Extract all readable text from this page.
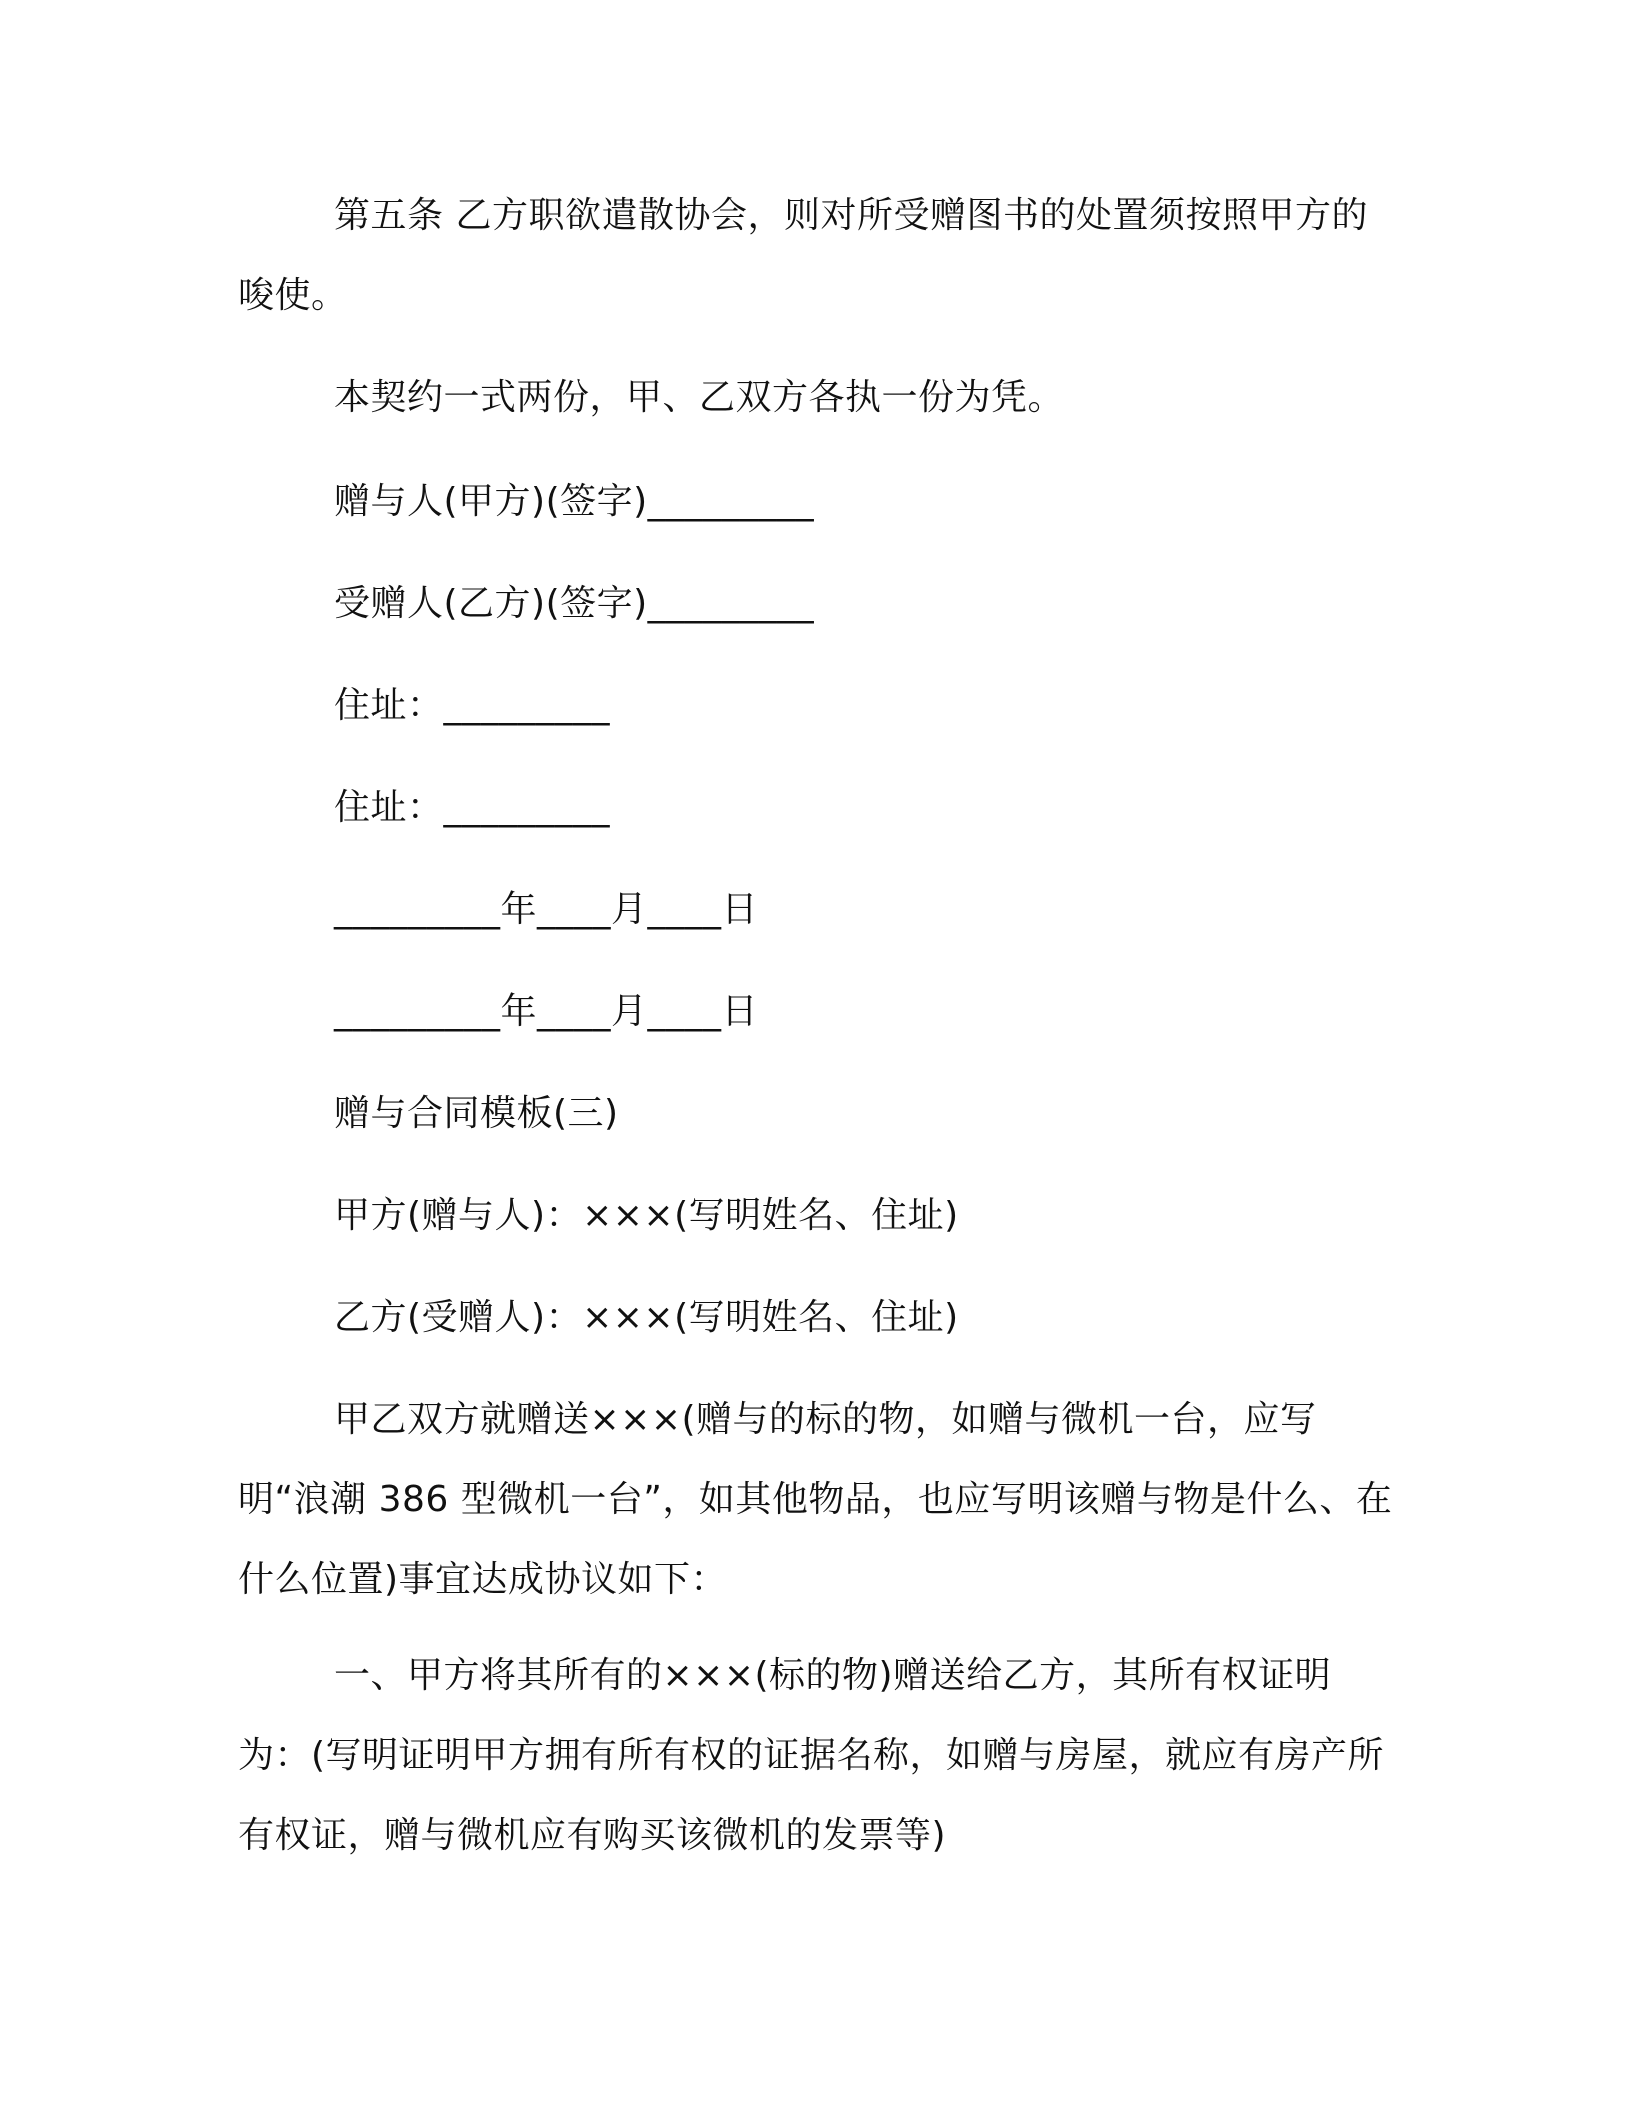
第五条 乙方职欲遣散协会，则对所受赠图书的处置须按照甲方的唆使。

本契约一式两份，甲、乙双方各执一份为凭。

赠与人(甲方)(签字)_________

受赠人(乙方)(签字)_________

住址：_________

住址：_________

_________年____月____日

_________年____月____日

赠与合同模板(三)

甲方(赠与人)：×××(写明姓名、住址)

乙方(受赠人)：×××(写明姓名、住址)

甲乙双方就赠送×××(赠与的标的物，如赠与微机一台，应写明“浪潮 386 型微机一台”，如其他物品，也应写明该赠与物是什么、在什么位置)事宜达成协议如下：

一、甲方将其所有的×××(标的物)赠送给乙方，其所有权证明为：(写明证明甲方拥有所有权的证据名称，如赠与房屋，就应有房产所有权证，赠与微机应有购买该微机的发票等)
